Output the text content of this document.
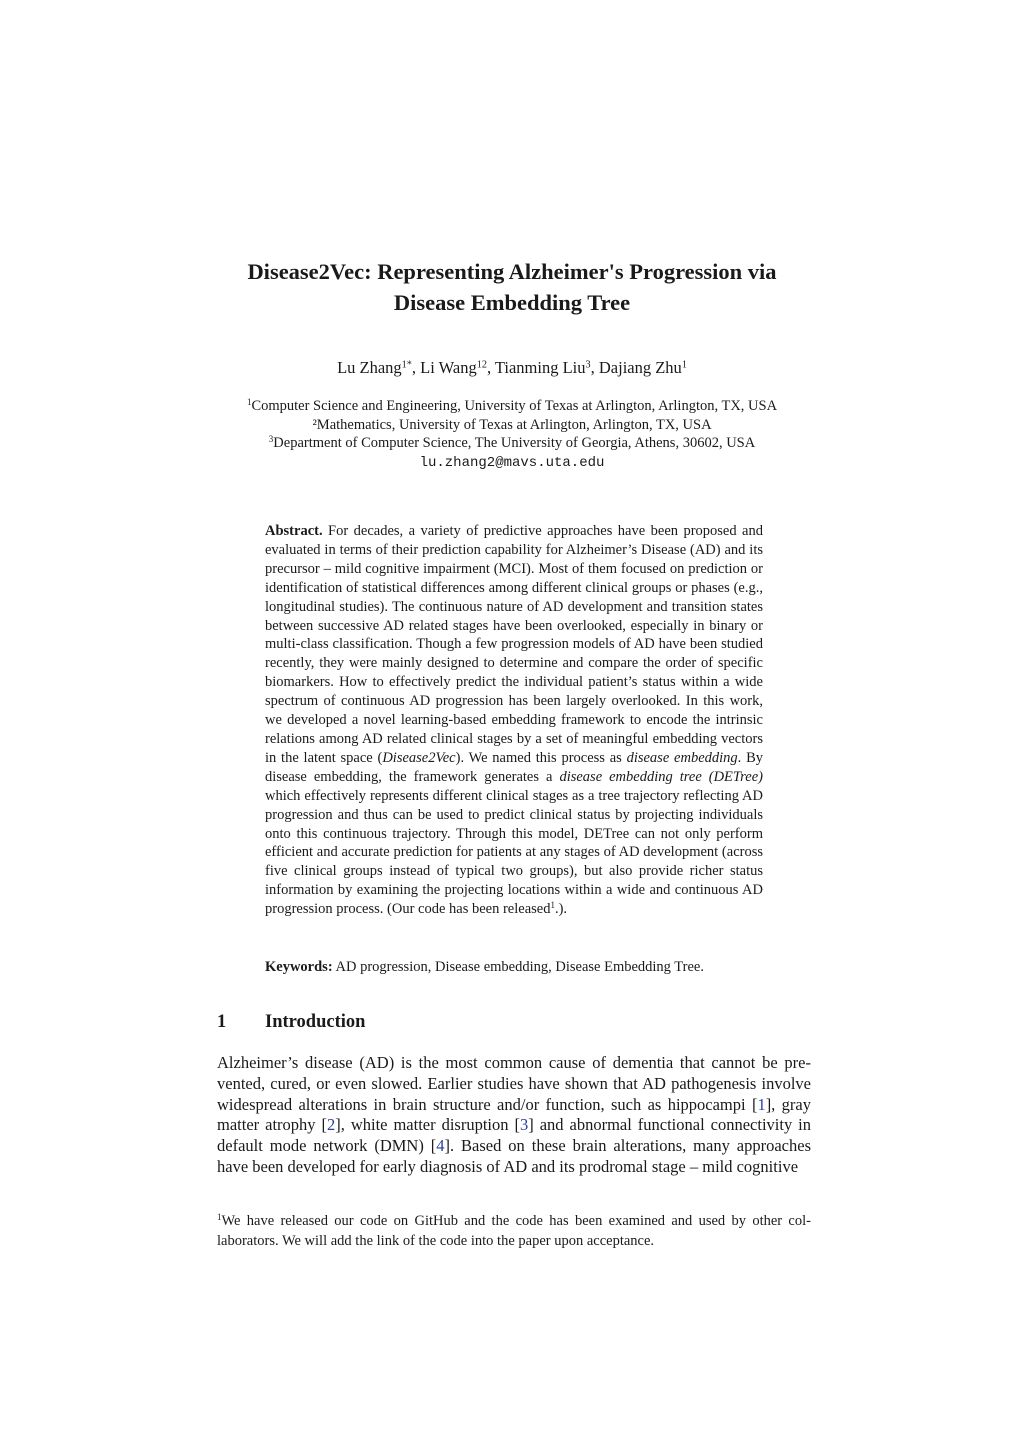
Disease2Vec: Representing Alzheimer's Progression via
Disease Embedding Tree
Lu Zhang$^{1*}$, Li Wang$^{12}$, Tianming Liu$^3$, Dajiang Zhu$^1$
$^1$Computer Science and Engineering, University of Texas at Arlington, Arlington, TX, USA
²Mathematics, University of Texas at Arlington, Arlington, TX, USA
$^3$Department of Computer Science, The University of Georgia, Athens, 30602, USA
lu.zhang2@mavs.uta.edu

Abstract. For decades, a variety of predictive approaches have been proposed and evaluated in terms of their prediction capability for Alzheimer’s Disease (AD) and its precursor – mild cognitive impairment (MCI). Most of them focused on prediction or identification of statistical differences among different clinical groups or phases (e.g., longitudinal studies). The continuous nature of AD development and transition states between successive AD related stages have been overlooked, especially in binary or multi-class classification. Though a few progression models of AD have been studied recently, they were mainly designed to determine and compare the order of specific biomarkers. How to effectively predict the individual patient’s status within a wide spectrum of continuous AD progression has been largely overlooked. In this work, we developed a novel learning-based embedding framework to encode the intrinsic relations among AD related clinical stages by a set of meaningful embedding vectors in the latent space (Disease2Vec). We named this process as disease embedding. By disease embedding, the framework generates a disease embedding tree (DETree) which effectively represents different clinical stages as a tree trajectory reflecting AD progression and thus can be used to predict clinical status by projecting individuals onto this continuous trajectory. Through this model, DETree can not only perform efficient and accurate prediction for patients at any stages of AD development (across five clinical groups instead of typical two groups), but also provide richer status information by examining the projecting locations within a wide and continuous AD progression process. (Our code has been released$^1$.).

Keywords: AD progression, Disease embedding, Disease Embedding Tree.
1 Introduction

Alzheimer’s disease (AD) is the most common cause of dementia that cannot be prevented, cured, or even slowed. Earlier studies have shown that AD pathogenesis involve widespread alterations in brain structure and/or function, such as hippocampi [1], gray matter atrophy [2], white matter disruption [3] and abnormal functional connectivity in default mode network (DMN) [4]. Based on these brain alterations, many approaches have been developed for early diagnosis of AD and its prodromal stage – mild cognitive

$^1$We have released our code on GitHub and the code has been examined and used by other collaborators. We will add the link of the code into the paper upon acceptance.
